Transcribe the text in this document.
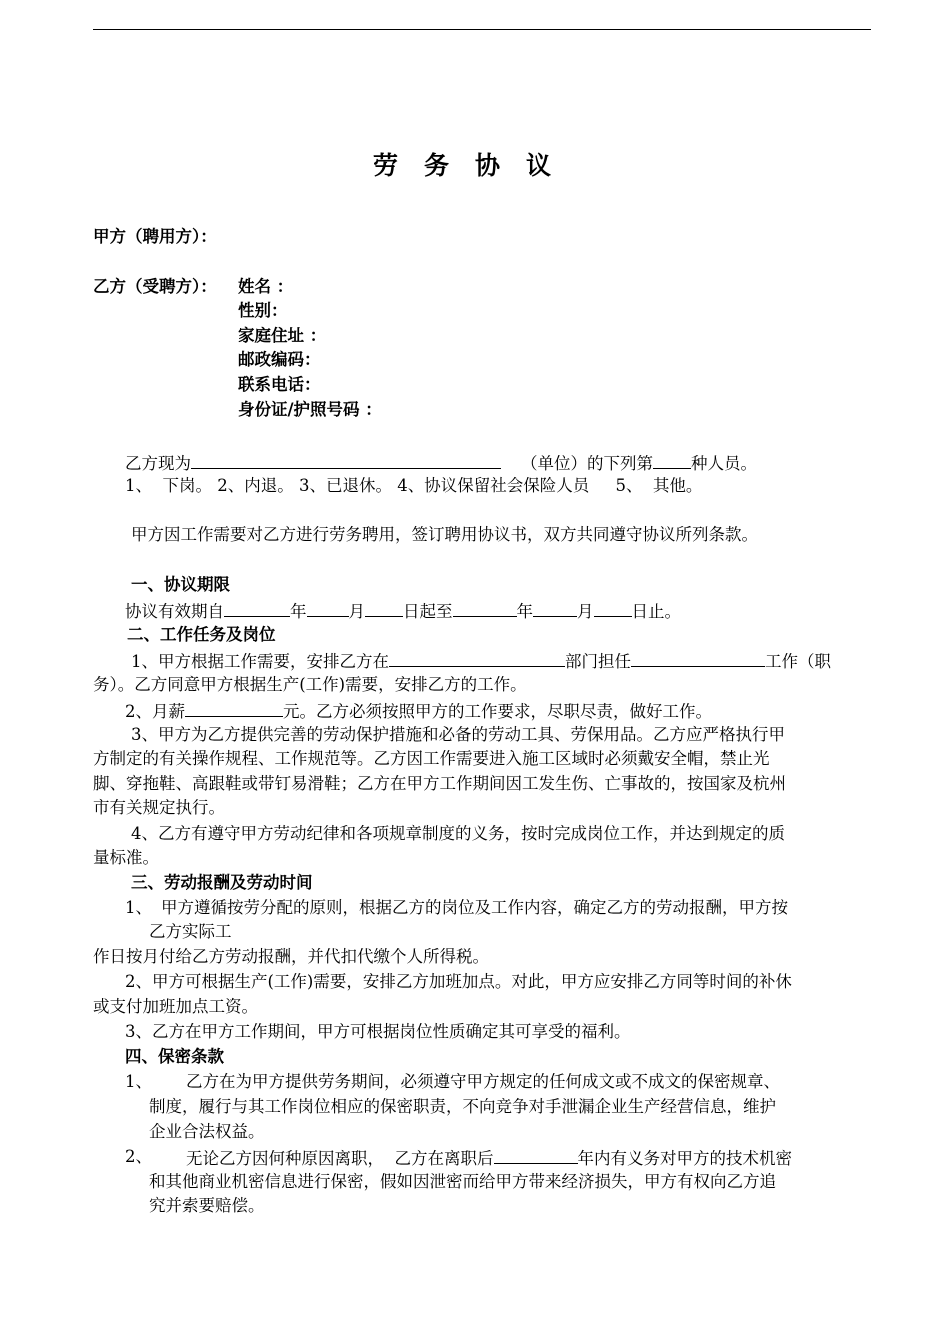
劳务协议
甲方（聘用方）：
乙方（受聘方）： 姓名 ：
性别：
家庭住址 ：
邮政编码：
联系电话：
身份证/护照号码 ：
乙方现为	（单位）的下列第 种人员。
1、  下岗。 2、内退。 3、已退休。 4、协议保留社会保险人员     5、  其他。
甲方因工作需要对乙方进行劳务聘用，签订聘用协议书，双方共同遵守协议所列条款。
一、协议期限
协议有效期自	年	月 日起至	年	月 日止。
二、工作任务及岗位
1、甲方根据工作需要，安排乙方在	部门担任	工作（职
务）。乙方同意甲方根据生产(工作)需要，安排乙方的工作。
2、月薪	元。乙方必须按照甲方的工作要求，尽职尽责，做好工作。
3、甲方为乙方提供完善的劳动保护措施和必备的劳动工具、劳保用品。乙方应严格执行甲
方制定的有关操作规程、工作规范等。乙方因工作需要进入施工区域时必须戴安全帽，禁止光
脚、穿拖鞋、高跟鞋或带钉易滑鞋；乙方在甲方工作期间因工发生伤、亡事故的，按国家及杭州
市有关规定执行。
4、乙方有遵守甲方劳动纪律和各项规章制度的义务，按时完成岗位工作，并达到规定的质
量标准。
三、劳动报酬及劳动时间
1、 甲方遵循按劳分配的原则，根据乙方的岗位及工作内容，确定乙方的劳动报酬，甲方按
乙方实际工
作日按月付给乙方劳动报酬，并代扣代缴个人所得税。
2、甲方可根据生产(工作)需要，安排乙方加班加点。对此，甲方应安排乙方同等时间的补休
或支付加班加点工资。
3、乙方在甲方工作期间，甲方可根据岗位性质确定其可享受的福利。
四、保密条款
1、 乙方在为甲方提供劳务期间，必须遵守甲方规定的任何成文或不成文的保密规章、
制度，履行与其工作岗位相应的保密职责，不向竞争对手泄漏企业生产经营信息，维护
企业合法权益。
2、 无论乙方因何种原因离职，  乙方在离职后	年内有义务对甲方的技术机密
和其他商业机密信息进行保密，假如因泄密而给甲方带来经济损失，甲方有权向乙方追
究并索要赔偿。
